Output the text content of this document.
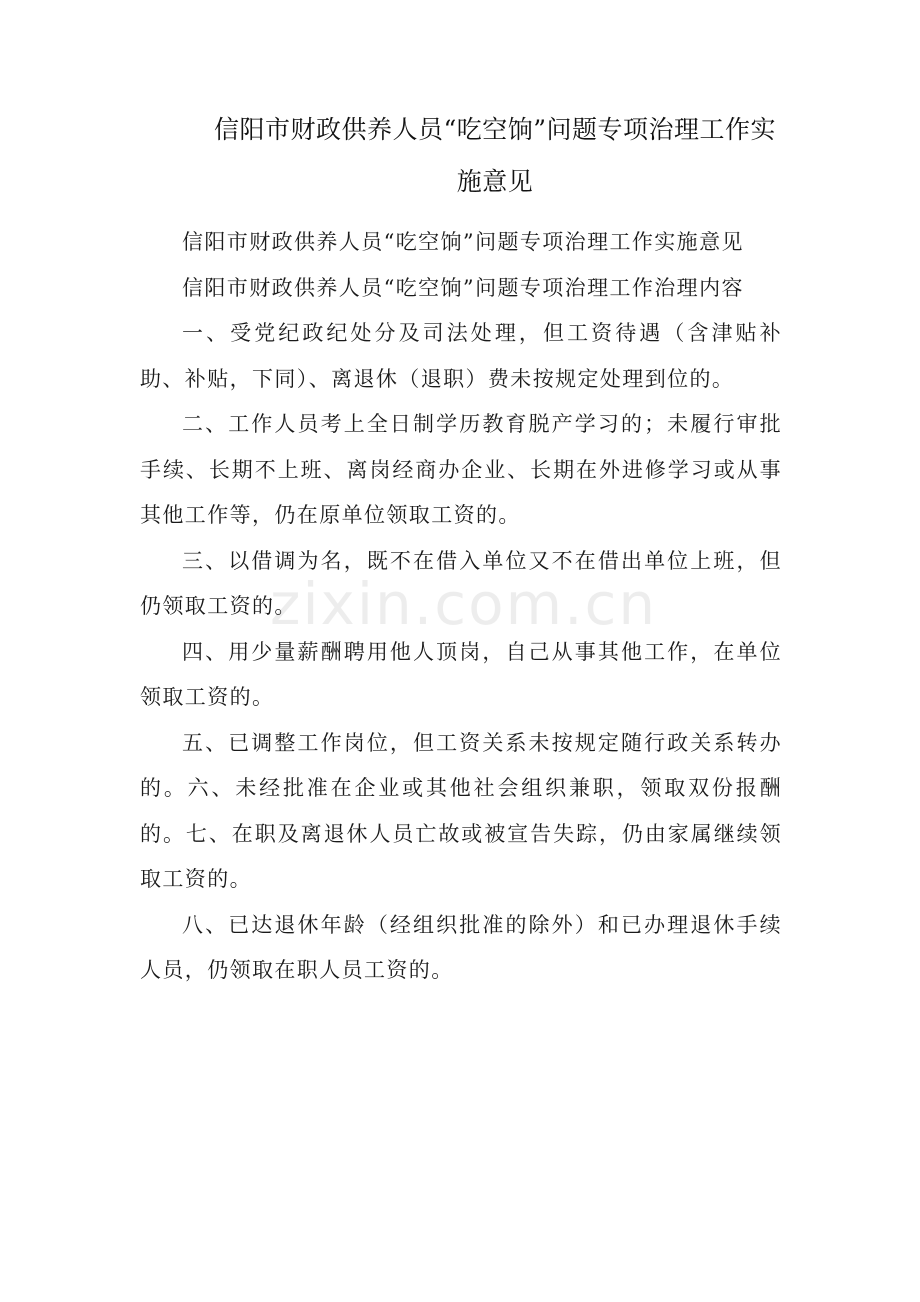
信阳市财政供养人员“吃空饷”问题专项治理工作实
施意见

信阳市财政供养人员“吃空饷”问题专项治理工作实施意见

信阳市财政供养人员“吃空饷”问题专项治理工作治理内容

一、受党纪政纪处分及司法处理，但工资待遇（含津贴补助、补贴，下同）、离退休（退职）费未按规定处理到位的。

二、工作人员考上全日制学历教育脱产学习的；未履行审批手续、长期不上班、离岗经商办企业、长期在外进修学习或从事其他工作等，仍在原单位领取工资的。

三、以借调为名，既不在借入单位又不在借出单位上班，但仍领取工资的。

四、用少量薪酬聘用他人顶岗，自己从事其他工作，在单位领取工资的。

五、已调整工作岗位，但工资关系未按规定随行政关系转办的。六、未经批准在企业或其他社会组织兼职，领取双份报酬的。七、在职及离退休人员亡故或被宣告失踪，仍由家属继续领取工资的。

八、已达退休年龄（经组织批准的除外）和已办理退休手续人员，仍领取在职人员工资的。

zixin.com.cn
